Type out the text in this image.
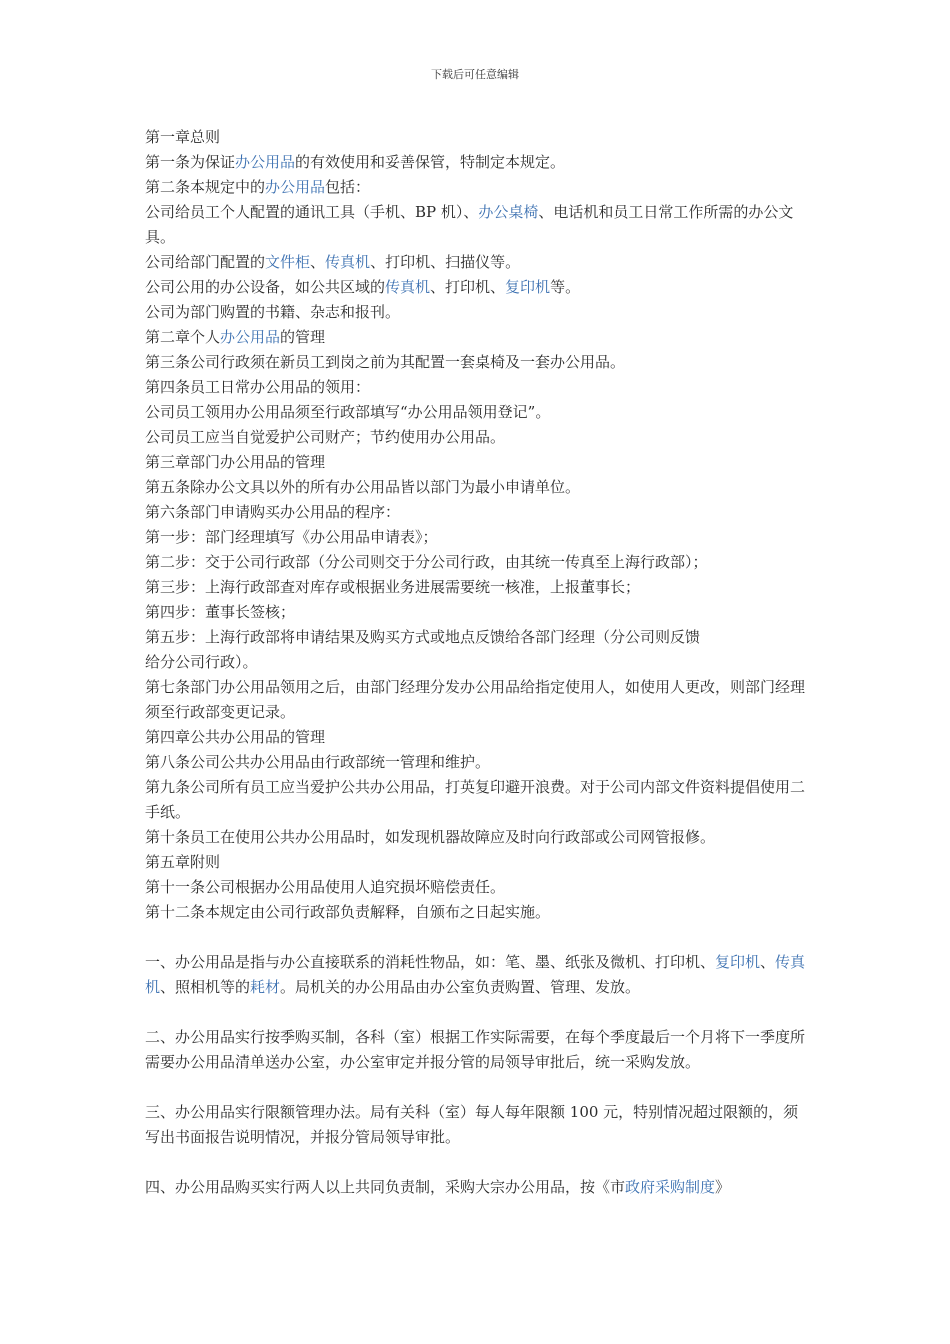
下载后可任意编辑

第一章总则

第一条为保证办公用品的有效使用和妥善保管，特制定本规定。

第二条本规定中的办公用品包括：

公司给员工个人配置的通讯工具（手机、BP 机）、办公桌椅、电话机和员工日常工作所需的办公文具。

公司给部门配置的文件柜、传真机、打印机、扫描仪等。

公司公用的办公设备，如公共区域的传真机、打印机、复印机等。

公司为部门购置的书籍、杂志和报刊。

第二章个人办公用品的管理

第三条公司行政须在新员工到岗之前为其配置一套桌椅及一套办公用品。

第四条员工日常办公用品的领用：

公司员工领用办公用品须至行政部填写“办公用品领用登记”。

公司员工应当自觉爱护公司财产；节约使用办公用品。

第三章部门办公用品的管理

第五条除办公文具以外的所有办公用品皆以部门为最小申请单位。

第六条部门申请购买办公用品的程序：

第一步：部门经理填写《办公用品申请表》；

第二步：交于公司行政部（分公司则交于分公司行政，由其统一传真至上海行政部）；

第三步：上海行政部查对库存或根据业务进展需要统一核准，上报董事长；

第四步：董事长签核；

第五步：上海行政部将申请结果及购买方式或地点反馈给各部门经理（分公司则反馈

给分公司行政）。

第七条部门办公用品领用之后，由部门经理分发办公用品给指定使用人，如使用人更改，则部门经理须至行政部变更记录。

第四章公共办公用品的管理

第八条公司公共办公用品由行政部统一管理和维护。

第九条公司所有员工应当爱护公共办公用品，打英复印避开浪费。对于公司内部文件资料提倡使用二手纸。

第十条员工在使用公共办公用品时，如发现机器故障应及时向行政部或公司网管报修。

第五章附则

第十一条公司根据办公用品使用人追究损坏赔偿责任。

第十二条本规定由公司行政部负责解释，自颁布之日起实施。

一、办公用品是指与办公直接联系的消耗性物品，如：笔、墨、纸张及微机、打印机、复印机、传真机、照相机等的耗材。局机关的办公用品由办公室负责购置、管理、发放。

二、办公用品实行按季购买制，各科（室）根据工作实际需要，在每个季度最后一个月将下一季度所需要办公用品清单送办公室，办公室审定并报分管的局领导审批后，统一采购发放。

三、办公用品实行限额管理办法。局有关科（室）每人每年限额 100 元，特别情况超过限额的，须写出书面报告说明情况，并报分管局领导审批。

四、办公用品购买实行两人以上共同负责制，采购大宗办公用品，按《市政府采购制度》
